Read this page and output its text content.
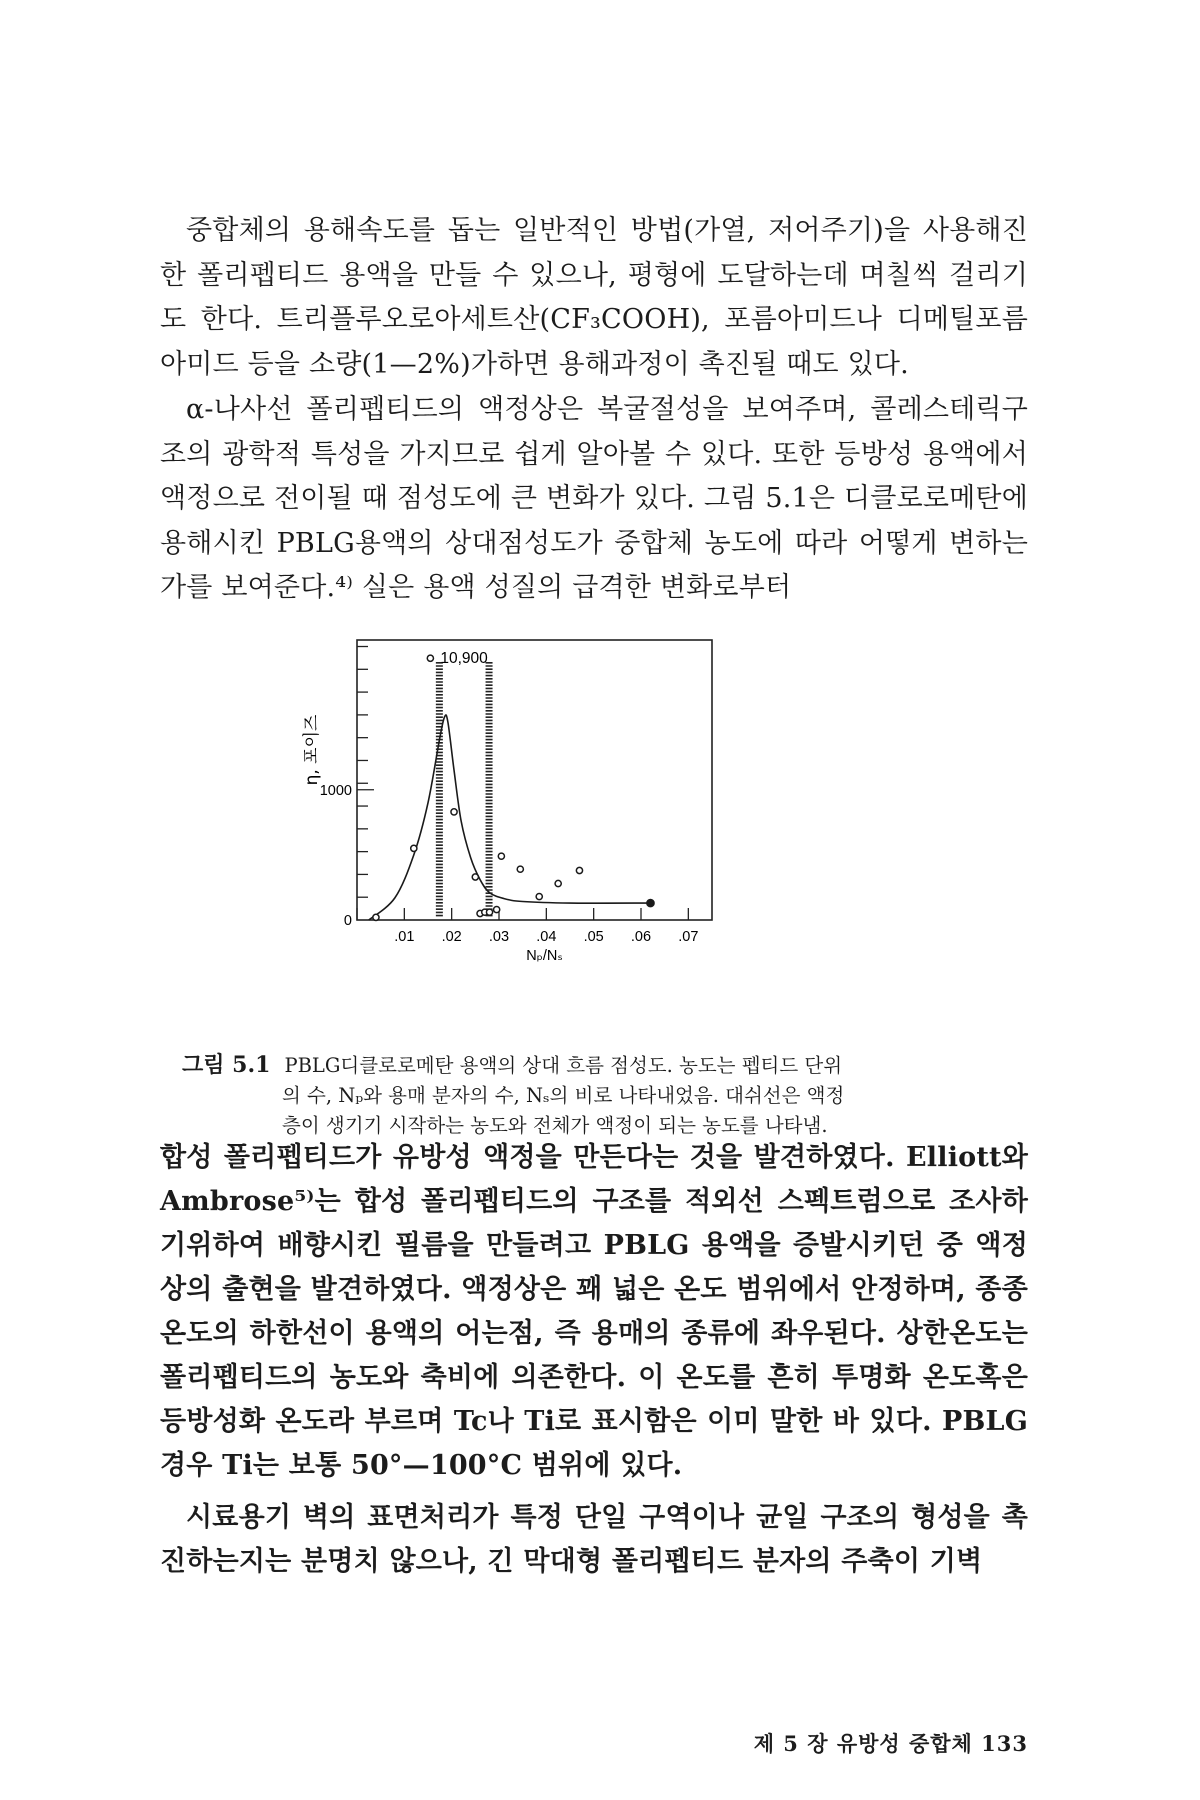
중합체의 용해속도를 돕는 일반적인 방법(가열, 저어주기)을 사용해진한 폴리펩티드 용액을 만들 수 있으나, 평형에 도달하는데 며칠씩 걸리기도 한다. 트리플루오로아세트산(CF₃COOH), 포름아미드나 디메틸포름아미드 등을 소량(1—2%)가하면 용해과정이 촉진될 때도 있다.

α-나사선 폴리펩티드의 액정상은 복굴절성을 보여주며, 콜레스테릭구조의 광학적 특성을 가지므로 쉽게 알아볼 수 있다. 또한 등방성 용액에서 액정으로 전이될 때 점성도에 큰 변화가 있다. 그림 5.1은 디클로로메탄에 용해시킨 PBLG용액의 상대점성도가 중합체 농도에 따라 어떻게 변하는가를 보여준다.⁴⁾ 실은 용액 성질의 급격한 변화로부터

.01 .02 .03 .04 .05 .06 .07
0
1000
Nₚ/Nₛ
η, 포이즈
10,900
그림 5.1 PBLG디클로로메탄 용액의 상대 흐름 점성도. 농도는 펩티드 단위
의 수, Nₚ와 용매 분자의 수, Nₛ의 비로 나타내었음. 대쉬선은 액정
층이 생기기 시작하는 농도와 전체가 액정이 되는 농도를 나타냄.

합성 폴리펩티드가 유방성 액정을 만든다는 것을 발견하였다. Elliott와 Ambrose⁵⁾는 합성 폴리펩티드의 구조를 적외선 스펙트럼으로 조사하기위하여 배향시킨 필름을 만들려고 PBLG 용액을 증발시키던 중 액정상의 출현을 발견하였다. 액정상은 꽤 넓은 온도 범위에서 안정하며, 종종온도의 하한선이 용액의 어는점, 즉 용매의 종류에 좌우된다. 상한온도는 폴리펩티드의 농도와 축비에 의존한다. 이 온도를 흔히 투명화 온도혹은 등방성화 온도라 부르며 Tc나 Ti로 표시함은 이미 말한 바 있다. PBLG경우 Ti는 보통 50°—100°C 범위에 있다.

시료용기 벽의 표면처리가 특정 단일 구역이나 균일 구조의 형성을 촉진하는지는 분명치 않으나, 긴 막대형 폴리펩티드 분자의 주축이 기벽

제 5 장 유방성 중합체 133
